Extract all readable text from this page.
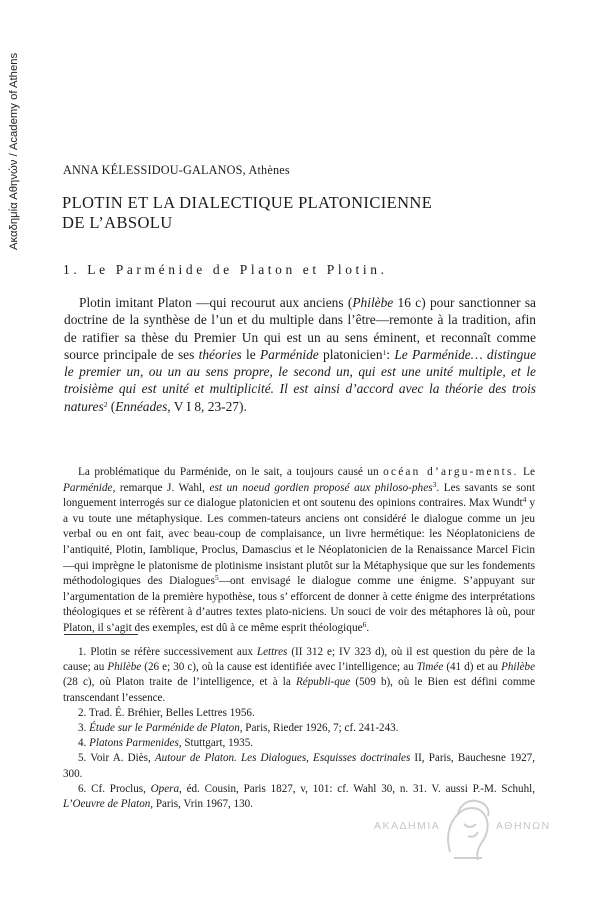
Ακαδημία Αθηνών / Academy of Athens	ANNA KÉLESSIDOU-GALANOS, Athènes
PLOTIN ET LA DIALECTIQUE PLATONICIENNE
DE L’ABSOLU
1. Le Parménide de Platon et Plotin.

Plotin imitant Platon —qui recourut aux anciens (Philèbe 16 c) pour sanctionner sa doctrine de la synthèse de l’un et du multiple dans l’être—remonte à la tradition, afin de ratifier sa thèse du Premier Un qui est un au sens éminent, et reconnaît comme source principale de ses théories le Parménide platonicien$^1$: Le Parménide… distingue le premier un, ou un au sens propre, le second un, qui est une unité multiple, et le troisième qui est unité et multiplicité. Il est ainsi d’accord avec la théorie des trois natures$^2$ (Ennéades, V I 8, 23-27).

La problématique du Parménide, on le sait, a toujours causé un océan d’argu-ments. Le Parménide, remarque J. Wahl, est un noeud gordien proposé aux philoso-phes$^3$. Les savants se sont longuement interrogés sur ce dialogue platonicien et ont soutenu des opinions contraires. Max Wundt$^4$ y a vu toute une métaphysique. Les commen-tateurs anciens ont considéré le dialogue comme un jeu verbal ou en ont fait, avec beau-coup de complaisance, un livre hermétique: les Néoplatoniciens de l’antiquité, Plotin, Iamblique, Proclus, Damascius et le Néoplatonicien de la Renaissance Marcel Ficin—qui imprègne le platonisme de plotinisme insistant plutôt sur la Métaphysique que sur les fondements méthodologiques des Dialogues$^5$—ont envisagé le dialogue comme une énigme. S’appuyant sur l’argumentation de la première hypothèse, tous s’ efforcent de donner à cette énigme des interprétations théologiques et se réfèrent à d’autres textes plato-niciens. Un souci de voir des métaphores là où, pour Platon, il s’agit des exemples, est dû à ce même esprit théologique$^6$.

1. Plotin se réfère successivement aux Lettres (II 312 e; IV 323 d), où il est question du père de la cause; au Philèbe (26 e; 30 c), où la cause est identifiée avec l’intelligence; au Timée (41 d) et au Philèbe (28 c), où Platon traite de l’intelligence, et à la Républi-que (509 b), où le Bien est défini comme transcendant l’essence.

2. Trad. É. Bréhier, Belles Lettres 1956.

3. Étude sur le Parménide de Platon, Paris, Rieder 1926, 7; cf. 241-243.

4. Platons Parmenides, Stuttgart, 1935.

5. Voir A. Diès, Autour de Platon. Les Dialogues, Esquisses doctrinales II, Paris, Bauchesne 1927, 300.

6. Cf. Proclus, Opera, éd. Cousin, Paris 1827, v, 101: cf. Wahl 30, n. 31. V. aussi P.-M. Schuhl, L’Oeuvre de Platon, Paris, Vrin 1967, 130.

ΑΚΑΔΗΜΙΑ	ΑΘΗΝΩΝ
